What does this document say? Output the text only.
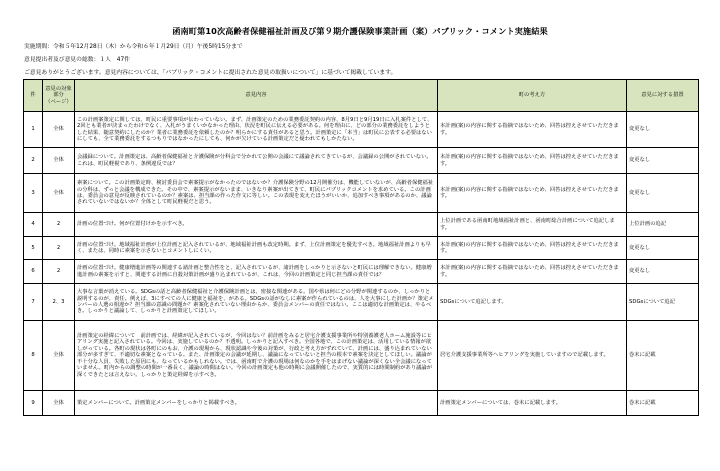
函南町第10次高齢者保健福祉計画及び第９期介護保険事業計画（案）パブリック・コメント実施結果
実施期間：令和５年12月28日（木）から令和６年１月29日（月）午後5時15分まで
意見提出者及び意見の総数：１人　47件
ご意見ありがとうございます。意見内容については、「パブリック・コメントに提出された意見の取扱いについて」に基づいて掲載しています。
件	意見の対象
部分
（ページ）	意見内容	町の考え方	意見に対する措置
1	全体	この計画案策定に関しては、町民に重要事項が伝わっていない。まず、計画策定のための業務委託契約の内容、8月9日と9月19日に入札案件として、2回とも業者が決まったわけでなく、入札がうまくいかなかった理由、状況を町民に伝える必要がある。何を理由に、どの部分の業務委託をしようとした結果、随意契約にしたのか？業者に業務委託を依頼したのか？明らかにする責任があると思う。計画策定に「本当」は町民に公表する必要はないにしても、全て業務委託をするつもりではなかったにしても、何かが欠けている計画策定だと疑われてもしかたない。	本計画(案)の内容に関する指摘ではないため、回答は控えさせていただきます。	変更なし
2	全体	会議録について。計画策定は、高齢者保健福祉と介護保険が分科会で分かれて公開の会議にて議論されてきているが、会議録の公開がされていない。これは、町民軽視であり、条例違反では？	本計画(案)の内容に関する指摘ではないため、回答は控えさせていただきます。	変更なし
3	全体	素案について。この計画策定時、検討委員会で素案提示がなかったのではないか？介護保険分野の12月開催分は、機能していないが、高齢者保健福祉の分科は、ずっと会議を構成できた。その中で、素案提示がないまま、いきなり素案が出てきて、町民にパブリックコメントを求めている。この計画は、委員会の意見が反映されているのか？素案は、担当課の作った作文に等しい。この表現を変えたほうがいいか、追加すべき事項があるのか、議論されていないではないか？全体として町民軽視だと思う。	本計画(案)の内容に関する指摘ではないため、回答は控えさせていただきます。	変更なし
4	2	計画の位置づけ。何が位置付けかを示すべき。	上位計画である函南町地域福祉計画と、函南町総合計画について追記します。	上位計画の追記
5	2	計画の位置づけ。地域福祉計画が上位計画と記入されているが、地域福祉計画も改定時期。まず、上位計画策定を優先すべき。地域福祉計画よりも早く、または、同時に素案を示さないとコメントしにくい。	本計画(案)の内容に関する指摘ではないため、回答は控えさせていただきます。	変更なし
6	2	計画の位置づけ。健康増進計画等の関連する諸計画と整合性をと、記入されているが、諸計画をしっかりと示さないと町民には理解できない。健康増進計画の素案を示すと、関連する計画に自殺対策計画が盛り込まれているが、これは、今回の計画策定と同じ担当課の責任では？	本計画(案)の内容に関する指摘ではないため、回答は控えさせていただきます。	変更なし
7	2、3	大事な言葉が消えている。SDGsの話と高齢者保健福祉と介護保険計画とは、密接な関連がある。国や県は何にどの分野が関連するのか、しっかりと説明するのが、責任。例えば、3にすべての人に健康と福祉を、がある。SDGsの話がなしに素案が作られているのは、人を大事にした計画か？策定メンバーの人選の相違か？担当課の意識の問題か？素案化されていない理由からか、委員会メンバーの責任ではない。ここは適切な計画策定は、やるべき。しっかりと議論して、しっかりと計画策定してほしい。	SDGsについて追記します。	SDGsについて追記
8	全体	計画策定の経緯について　前計画では、経緯が記入されているが、今回はない？前計画をみると居宅介護支援事業所や特別養護老人ホーム施設等にヒアリング実施と記入されている。今回は、実施しているのか？不透明。しっかりと記入すべき。全国各地で、この計画策定は、活用している情報が欲しがっている。各町の現状は各町にのもお、介護の現場から、現状認識や今後の対策が、行政と考え方がずれていて、計画には、盛り込まれていない部分が多すぎて、不適切な素案となっている。また、計画策定の会議が延期し、議論になっていないと担当の根本で素案を決定としてほしい。議論が不十分な人員、失敗した原因にも、なっているかもしれない。では、函南町で介護の現場は何なのかを手をはまげない議論が深くない全会議になっていません。町内からの調整の時間が一番長く、議論の時間はない。今回の計画策定も他の時期に会議開催したので、実質的には時間制約があり議論が深くできたとは言えない。しっかりと策定経緯を示すべき。	居宅介護支援事業所等へヒアリングを実施していますので記載します。	巻末に記載
9	全体	策定メンバーについて。計画策定メンバーをしっかりと掲載すべき。	計画策定メンバーについては、巻末に記載します。	巻末に記載
